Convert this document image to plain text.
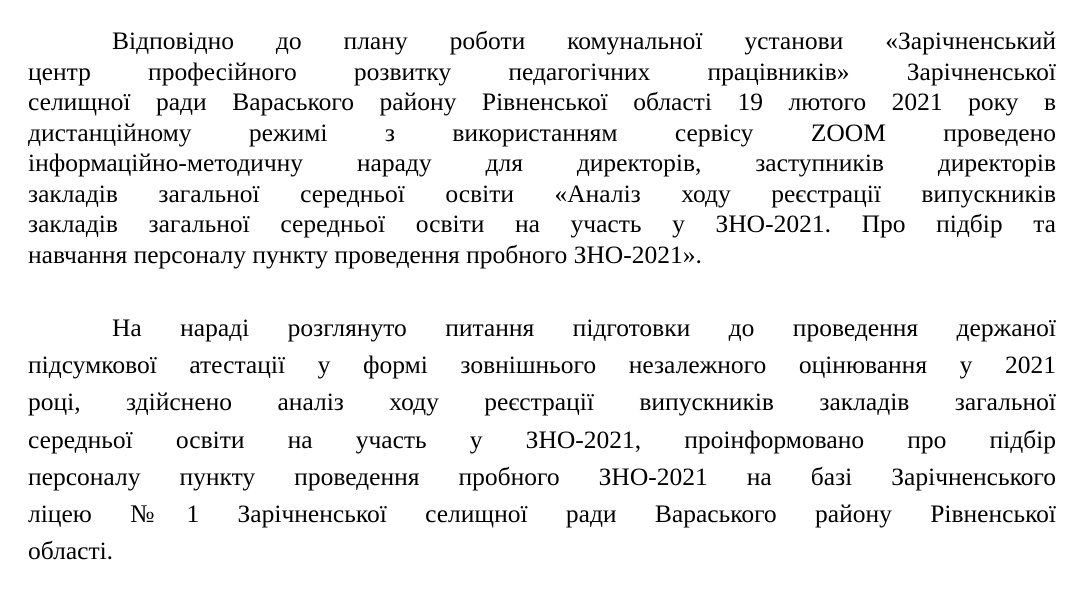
Відповідно до плану роботи комунальної установи «Зарічненський
центр професійного розвитку педагогічних працівників» Зарічненської
селищної ради Вараського району Рівненської області 19 лютого 2021 року в
дистанційному режимі з використанням сервісу ZOOM проведено
інформаційно-методичну нараду для директорів, заступників директорів
закладів загальної середньої освіти «Аналіз ходу реєстрації випускників
закладів загальної середньої освіти на участь у ЗНО-2021. Про підбір та
навчання персоналу пункту проведення пробного ЗНО-2021».
На нараді розглянуто питання підготовки до проведення держаної
підсумкової атестації у формі зовнішнього незалежного оцінювання у 2021
році, здійснено аналіз ходу реєстрації випускників закладів загальної
середньої освіти на участь у ЗНО-2021, проінформовано про підбір
персоналу пункту проведення пробного ЗНО-2021 на базі Зарічненського
ліцею №1 Зарічненської селищної ради Вараського району Рівненської
області.
